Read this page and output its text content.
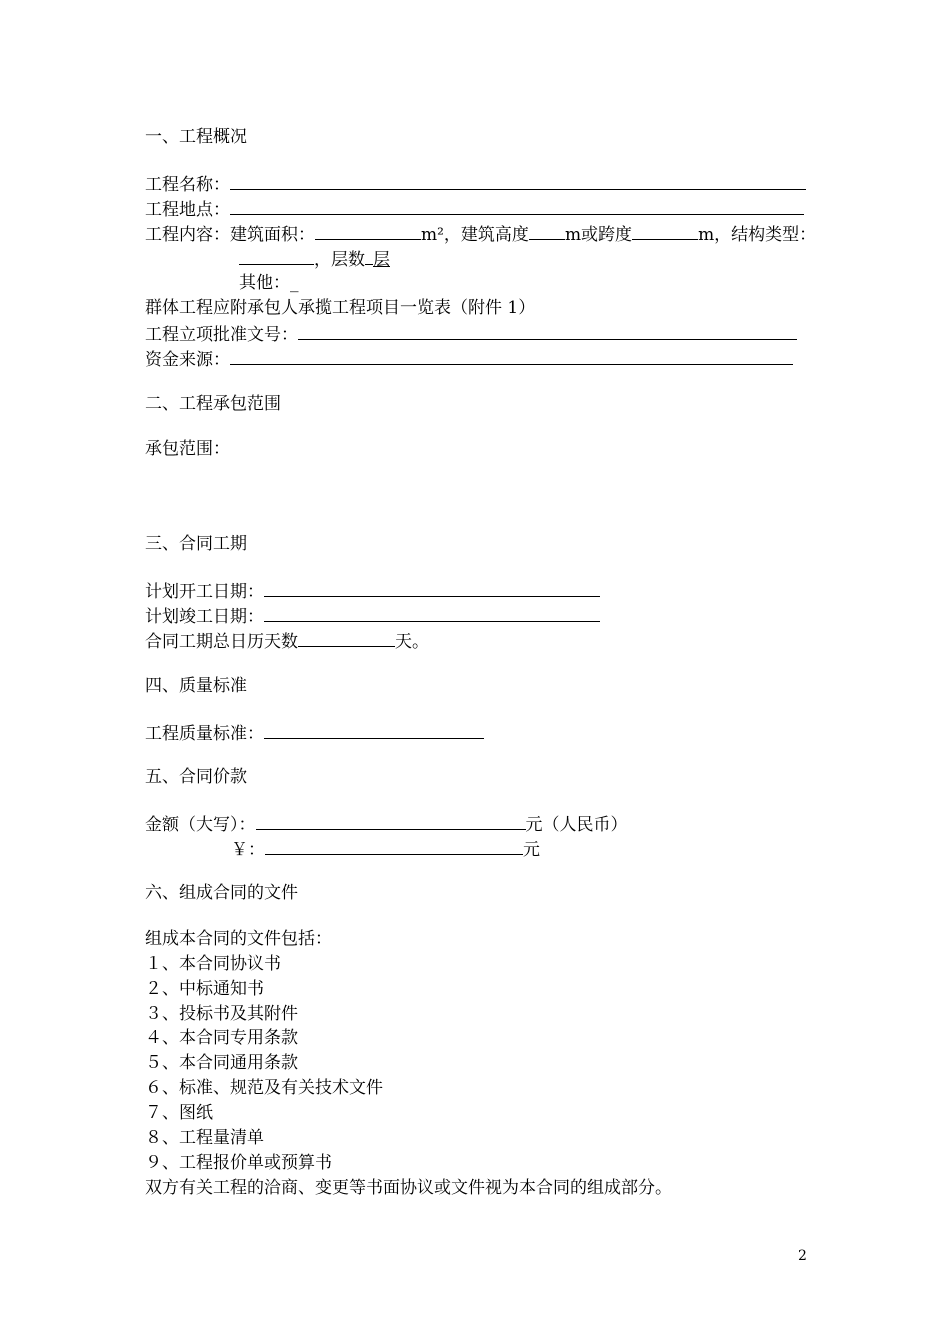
一、工程概况
工程名称：
工程地点：
工程内容：建筑面积：	m²，建筑高度 m或跨度	m，结构类型：
，层数 层
其他：_
群体工程应附承包人承揽工程项目一览表（附件 1）
工程立项批准文号：
资金来源：
二、工程承包范围
承包范围：
三、合同工期
计划开工日期：
计划竣工日期：
合同工期总日历天数	天。
四、质量标准
工程质量标准：
五、合同价款
金额（大写）：	元（人民币）
￥：	元
六、组成合同的文件
组成本合同的文件包括：
１、本合同协议书
２、中标通知书
３、投标书及其附件
４、本合同专用条款
５、本合同通用条款
６、标准、规范及有关技术文件
７、图纸
８、工程量清单
９、工程报价单或预算书
双方有关工程的洽商、变更等书面协议或文件视为本合同的组成部分。
2
